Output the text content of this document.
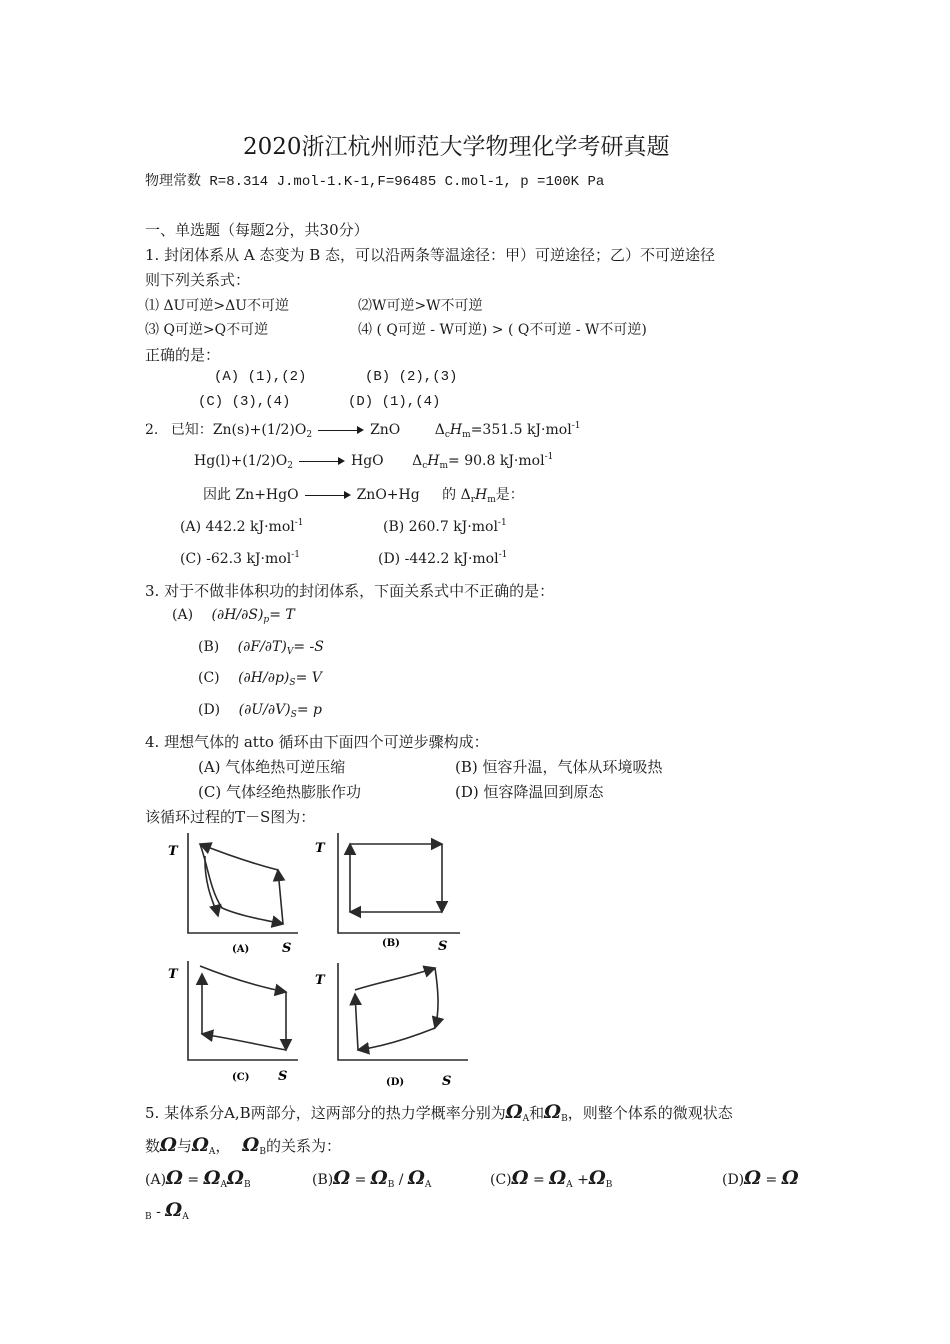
2020浙江杭州师范大学物理化学考研真题
物理常数 R=8.314 J.mol-1.K-1,F=96485 C.mol-1, p =100K Pa
一、单选题（每题2分，共30分）
1. 封闭体系从 A 态变为 B 态，可以沿两条等温途径：甲）可逆途径；乙）不可逆途径
则下列关系式：
⑴ ΔU可逆>ΔU不可逆	⑵W可逆>W不可逆
⑶ Q可逆>Q不可逆	⑷ ( Q可逆 - W可逆) > ( Q不可逆 - W不可逆)
正确的是：
(A) (1),(2)	(B) (2),(3)
(C) (3),(4)	(D) (1),(4)
2. 已知：$Zn(s)+(1/2)O_2$	ZnO $\Delta_cH_m=351.5$ kJ·mol$^{-1}$
$Hg(l)+(1/2)O_2$	HgO $\Delta_cH_m= 90.8$ kJ·mol$^{-1}$
因此 Zn+HgO	ZnO+Hg 的 $\Delta_rH_m$是：
(A) 442.2 kJ·mol$^{-1}$	(B) 260.7 kJ·mol$^{-1}$
(C) -62.3 kJ·mol$^{-1}$	(D) -442.2 kJ·mol$^{-1}$
3. 对于不做非体积功的封闭体系，下面关系式中不正确的是：
(A) $(\partial H/\partial S)_p= T$
(B) $(\partial F/\partial T)_V= -S$
(C) $(\partial H/\partial p)_S= V$
(D) $(\partial U/\partial V)_S= p$
4. 理想气体的 atto 循环由下面四个可逆步骤构成：
(A) 气体绝热可逆压缩	(B) 恒容升温，气体从环境吸热
(C) 气体经绝热膨胀作功	(D) 恒容降温回到原态
该循环过程的T－S图为：
T
S
(A)
T
S
(B)
T
S
(C)
T
S
(D)
5. 某体系分A,B两部分，这两部分的热力学概率分别为$\Omega_A$和$\Omega_B$，则整个体系的微观状态
数Ω与$\Omega_A$， $\Omega_B$的关系为：
$(A)\Omega = \Omega_A\Omega_B$	$(B)\Omega = \Omega_B / \Omega_A$	$(C)\Omega = \Omega_A +\Omega_B$	(D)Ω = Ω
$_B - \Omega_A$
